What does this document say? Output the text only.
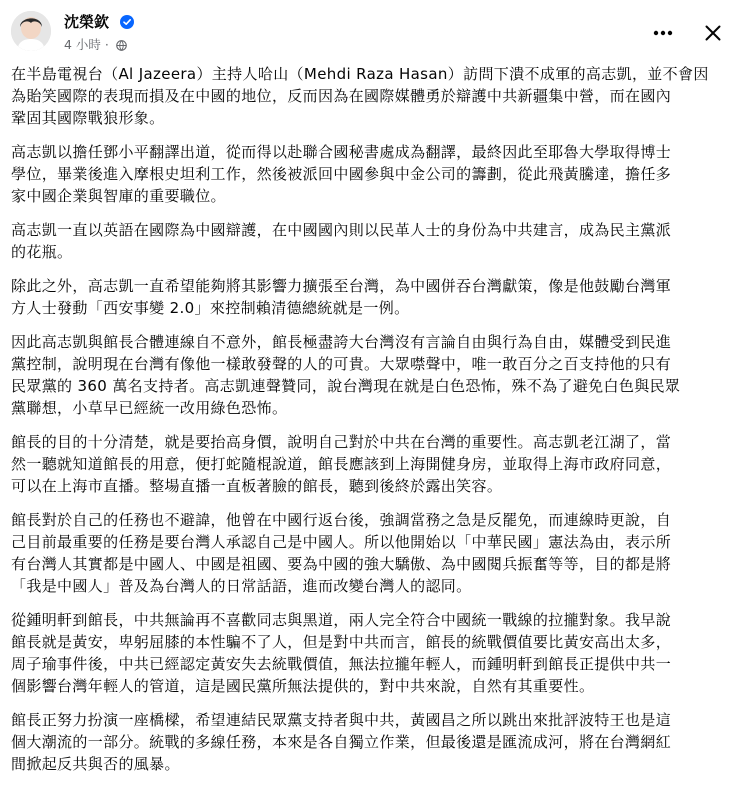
沈榮欽
4 小時 ·

在半島電視台（Al Jazeera）主持人哈山（Mehdi Raza Hasan）訪問下潰不成軍的高志凱，並不會因
為貽笑國際的表現而損及在中國的地位，反而因為在國際媒體勇於辯護中共新疆集中營，而在國內
鞏固其國際戰狼形象。

高志凱以擔任鄧小平翻譯出道，從而得以赴聯合國秘書處成為翻譯，最終因此至耶魯大學取得博士
學位，畢業後進入摩根史坦利工作，然後被派回中國參與中金公司的籌劃，從此飛黃騰達，擔任多
家中國企業與智庫的重要職位。

高志凱一直以英語在國際為中國辯護，在中國國內則以民革人士的身份為中共建言，成為民主黨派
的花瓶。

除此之外，高志凱一直希望能夠將其影響力擴張至台灣，為中國併吞台灣獻策，像是他鼓勵台灣軍
方人士發動「西安事變 2.0」來控制賴清德總統就是一例。

因此高志凱與館長合體連線自不意外，館長極盡誇大台灣沒有言論自由與行為自由，媒體受到民進
黨控制，說明現在台灣有像他一樣敢發聲的人的可貴。大眾噤聲中，唯一敢百分之百支持他的只有
民眾黨的 360 萬名支持者。高志凱連聲贊同，說台灣現在就是白色恐怖，殊不為了避免白色與民眾
黨聯想，小草早已經統一改用綠色恐怖。

館長的目的十分清楚，就是要抬高身價，說明自己對於中共在台灣的重要性。高志凱老江湖了，當
然一聽就知道館長的用意，便打蛇隨棍說道，館長應該到上海開健身房，並取得上海市政府同意，
可以在上海市直播。整場直播一直板著臉的館長，聽到後終於露出笑容。

館長對於自己的任務也不避諱，他曾在中國行返台後，強調當務之急是反罷免，而連線時更說，自
己目前最重要的任務是要台灣人承認自己是中國人。所以他開始以「中華民國」憲法為由，表示所
有台灣人其實都是中國人、中國是祖國、要為中國的強大驕傲、為中國閱兵振奮等等，目的都是將
「我是中國人」普及為台灣人的日常話語，進而改變台灣人的認同。

從鍾明軒到館長，中共無論再不喜歡同志與黑道，兩人完全符合中國統一戰線的拉攏對象。我早說
館長就是黃安，卑躬屈膝的本性騙不了人，但是對中共而言，館長的統戰價值要比黃安高出太多，
周子瑜事件後，中共已經認定黃安失去統戰價值，無法拉攏年輕人，而鍾明軒到館長正提供中共一
個影響台灣年輕人的管道，這是國民黨所無法提供的，對中共來說，自然有其重要性。

館長正努力扮演一座橋樑，希望連結民眾黨支持者與中共，黃國昌之所以跳出來批評波特王也是這
個大潮流的一部分。統戰的多線任務，本來是各自獨立作業，但最後還是匯流成河，將在台灣網紅
間掀起反共與否的風暴。
